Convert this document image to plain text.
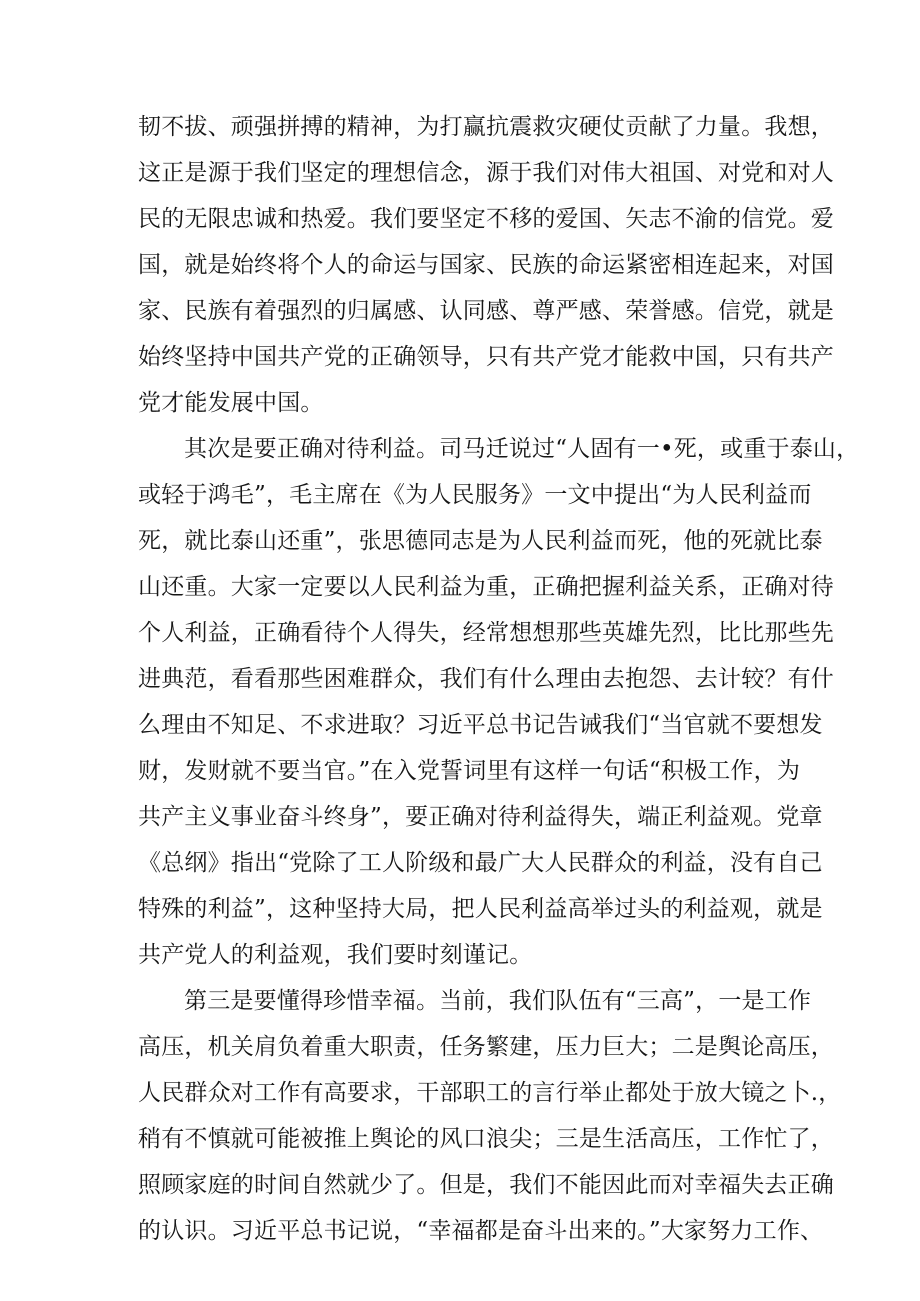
韧不拔、顽强拼搏的精神，为打赢抗震救灾硬仗贡献了力量。我想，

这正是源于我们坚定的理想信念，源于我们对伟大祖国、对党和对人

民的无限忠诚和热爱。我们要坚定不移的爱国、矢志不渝的信党。爱

国，就是始终将个人的命运与国家、民族的命运紧密相连起来，对国

家、民族有着强烈的归属感、认同感、尊严感、荣誉感。信党，就是

始终坚持中国共产党的正确领导，只有共产党才能救中国，只有共产

党才能发展中国。

其次是要正确对待利益。司马迁说过“人固有一•死，或重于泰山，

或轻于鸿毛”，毛主席在《为人民服务》一文中提出“为人民利益而

死，就比泰山还重”，张思德同志是为人民利益而死，他的死就比泰

山还重。大家一定要以人民利益为重，正确把握利益关系，正确对待

个人利益，正确看待个人得失，经常想想那些英雄先烈，比比那些先

进典范，看看那些困难群众，我们有什么理由去抱怨、去计较？有什

么理由不知足、不求进取？习近平总书记告诫我们“当官就不要想发

财，发财就不要当官。”在入党誓词里有这样一句话“积极工作，为

共产主义事业奋斗终身”，要正确对待利益得失，端正利益观。党章

《总纲》指出“党除了工人阶级和最广大人民群众的利益，没有自己

特殊的利益”，这种坚持大局，把人民利益高举过头的利益观，就是

共产党人的利益观，我们要时刻谨记。

第三是要懂得珍惜幸福。当前，我们队伍有“三高”，一是工作

高压，机关肩负着重大职责，任务繁建，压力巨大；二是舆论高压，

人民群众对工作有高要求，干部职工的言行举止都处于放大镜之卜.，

稍有不慎就可能被推上舆论的风口浪尖；三是生活高压，工作忙了，

照顾家庭的时间自然就少了。但是，我们不能因此而对幸福失去正确

的认识。习近平总书记说，“幸福都是奋斗出来的。”大家努力工作、
